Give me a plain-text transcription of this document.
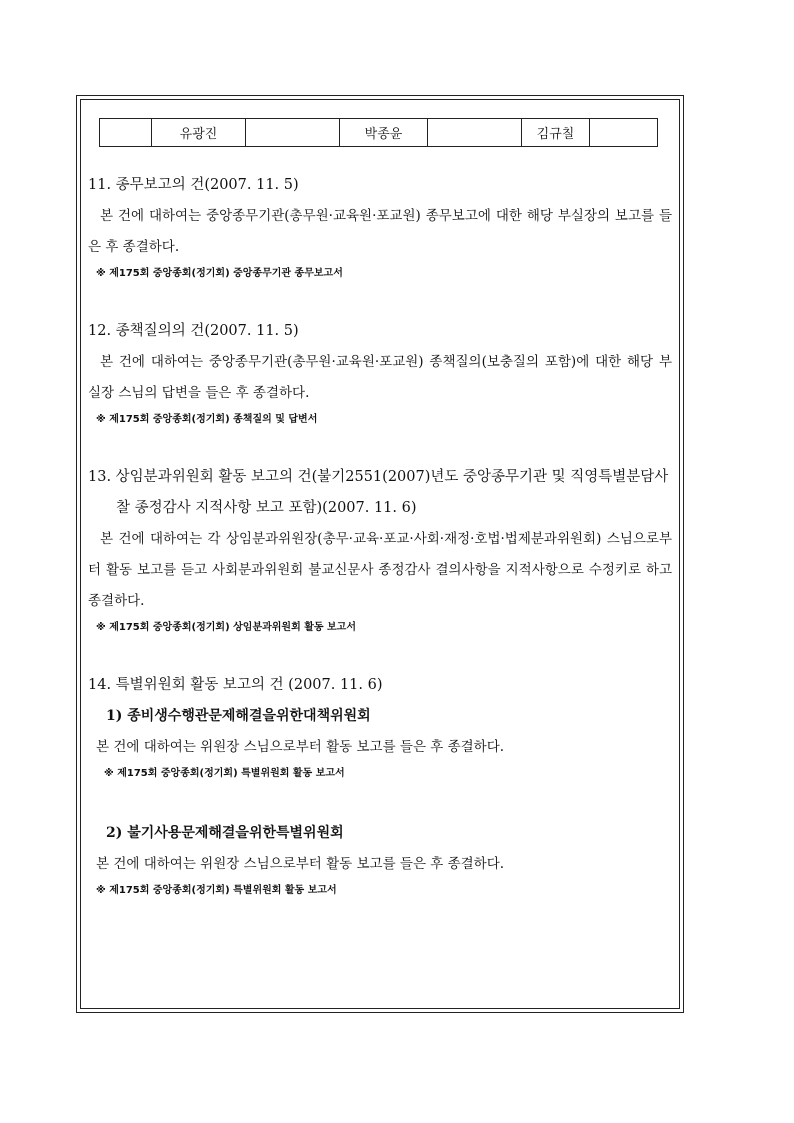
	유광진		박종윤		김규칠	

11. 종무보고의 건(2007. 11. 5)

본 건에 대하여는 중앙종무기관(총무원·교육원·포교원) 종무보고에 대한 해당 부실장의 보고를 들은 후 종결하다.

※ 제175회 중앙종회(정기회) 중앙종무기관 종무보고서

12. 종책질의의 건(2007. 11. 5)

본 건에 대하여는 중앙종무기관(총무원·교육원·포교원) 종책질의(보충질의 포함)에 대한 해당 부실장 스님의 답변을 들은 후 종결하다.

※ 제175회 중앙종회(정기회) 종책질의 및 답변서

13. 상임분과위원회 활동 보고의 건(불기2551(2007)년도 중앙종무기관 및 직영특별분담사

찰 종정감사 지적사항 보고 포함)(2007. 11. 6)

본 건에 대하여는 각 상임분과위원장(총무·교육·포교·사회·재정·호법·법제분과위원회) 스님으로부터 활동 보고를 듣고 사회분과위원회 불교신문사 종정감사 결의사항을 지적사항으로 수정키로 하고 종결하다.

※ 제175회 중앙종회(정기회) 상임분과위원회 활동 보고서

14. 특별위원회 활동 보고의 건 (2007. 11. 6)

1) 종비생수행관문제해결을위한대책위원회

본 건에 대하여는 위원장 스님으로부터 활동 보고를 들은 후 종결하다.

※ 제175회 중앙종회(정기회) 특별위원회 활동 보고서

2) 불기사용문제해결을위한특별위원회

본 건에 대하여는 위원장 스님으로부터 활동 보고를 들은 후 종결하다.

※ 제175회 중앙종회(정기회) 특별위원회 활동 보고서
